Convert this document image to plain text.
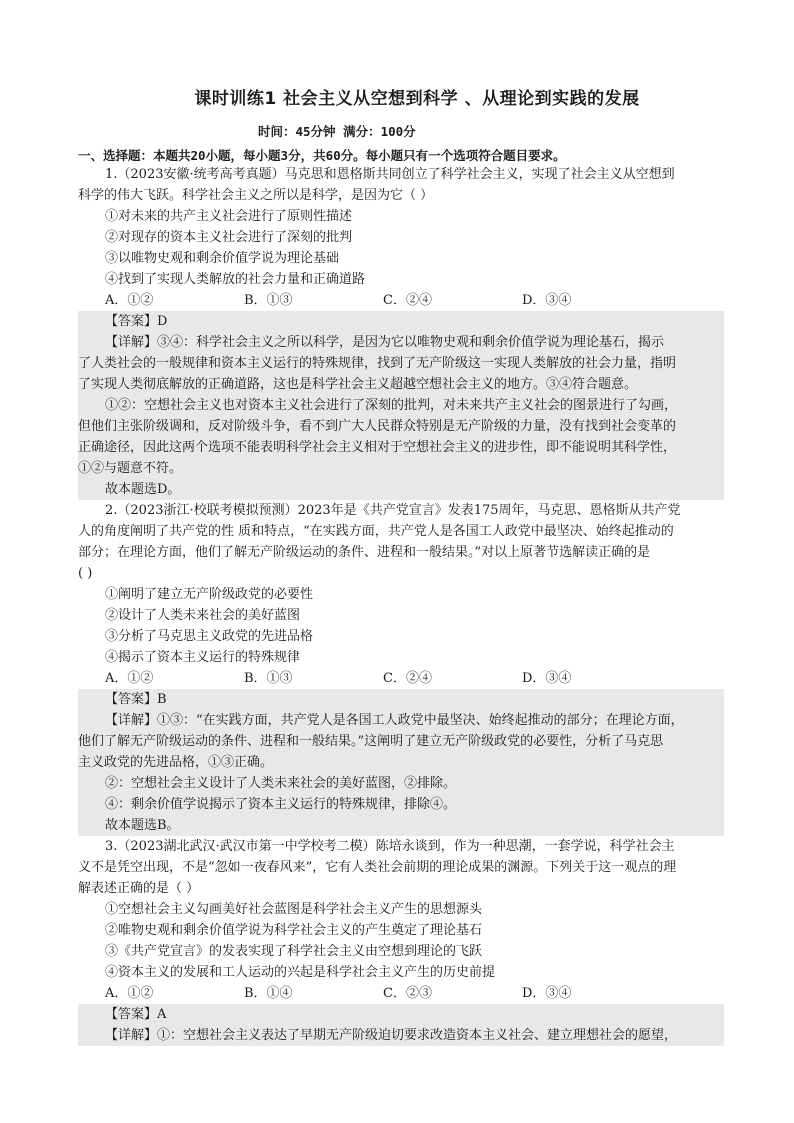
课时训练1 社会主义从空想到科学 、从理论到实践的发展
时间：45分钟 满分：100分
一、选择题：本题共20小题，每小题3分，共60分。每小题只有一个选项符合题目要求。
1.（2023安徽·统考高考真题）马克思和恩格斯共同创立了科学社会主义，实现了社会主义从空想到
科学的伟大飞跃。科学社会主义之所以是科学，是因为它（ ）
①对未来的共产主义社会进行了原则性描述
②对现存的资本主义社会进行了深刻的批判
③以唯物史观和剩余价值学说为理论基础
④找到了实现人类解放的社会力量和正确道路
A．①②	B．①③	C．②④	D．③④
【答案】D
【详解】③④：科学社会主义之所以科学，是因为它以唯物史观和剩余价值学说为理论基石，揭示
了人类社会的一般规律和资本主义运行的特殊规律，找到了无产阶级这一实现人类解放的社会力量，指明
了实现人类彻底解放的正确道路，这也是科学社会主义超越空想社会主义的地方。③④符合题意。
①②：空想社会主义也对资本主义社会进行了深刻的批判，对未来共产主义社会的图景进行了勾画，
但他们主张阶级调和，反对阶级斗争，看不到广大人民群众特别是无产阶级的力量，没有找到社会变革的
正确途径，因此这两个选项不能表明科学社会主义相对于空想社会主义的进步性，即不能说明其科学性，
①②与题意不符。
故本题选D。
2.（2023浙江·校联考模拟预测）2023年是《共产党宣言》发表175周年，马克思、恩格斯从共产党
人的角度阐明了共产党的性 质和特点，“在实践方面，共产党人是各国工人政党中最坚决、始终起推动的
部分；在理论方面，他们了解无产阶级运动的条件、进程和一般结果。”对以上原著节选解读正确的是
( )
①阐明了建立无产阶级政党的必要性
②设计了人类未来社会的美好蓝图
③分析了马克思主义政党的先进品格
④揭示了资本主义运行的特殊规律
A．①②	B．①③	C．②④	D．③④
【答案】B
【详解】①③：“在实践方面，共产党人是各国工人政党中最坚决、始终起推动的部分；在理论方面，
他们了解无产阶级运动的条件、进程和一般结果。”这阐明了建立无产阶级政党的必要性，分析了马克思
主义政党的先进品格，①③正确。
②：空想社会主义设计了人类未来社会的美好蓝图，②排除。
④：剩余价值学说揭示了资本主义运行的特殊规律，排除④。
故本题选B。
3.（2023湖北武汉·武汉市第一中学校考二模）陈培永谈到，作为一种思潮，一套学说，科学社会主
义不是凭空出现，不是“忽如一夜春风来”，它有人类社会前期的理论成果的渊源。下列关于这一观点的理
解表述正确的是（ ）
①空想社会主义勾画美好社会蓝图是科学社会主义产生的思想源头
②唯物史观和剩余价值学说为科学社会主义的产生奠定了理论基石
③《共产党宣言》的发表实现了科学社会主义由空想到理论的飞跃
④资本主义的发展和工人运动的兴起是科学社会主义产生的历史前提
A．①②	B．①④	C．②③	D．③④
【答案】A
【详解】①：空想社会主义表达了早期无产阶级迫切要求改造资本主义社会、建立理想社会的愿望，
